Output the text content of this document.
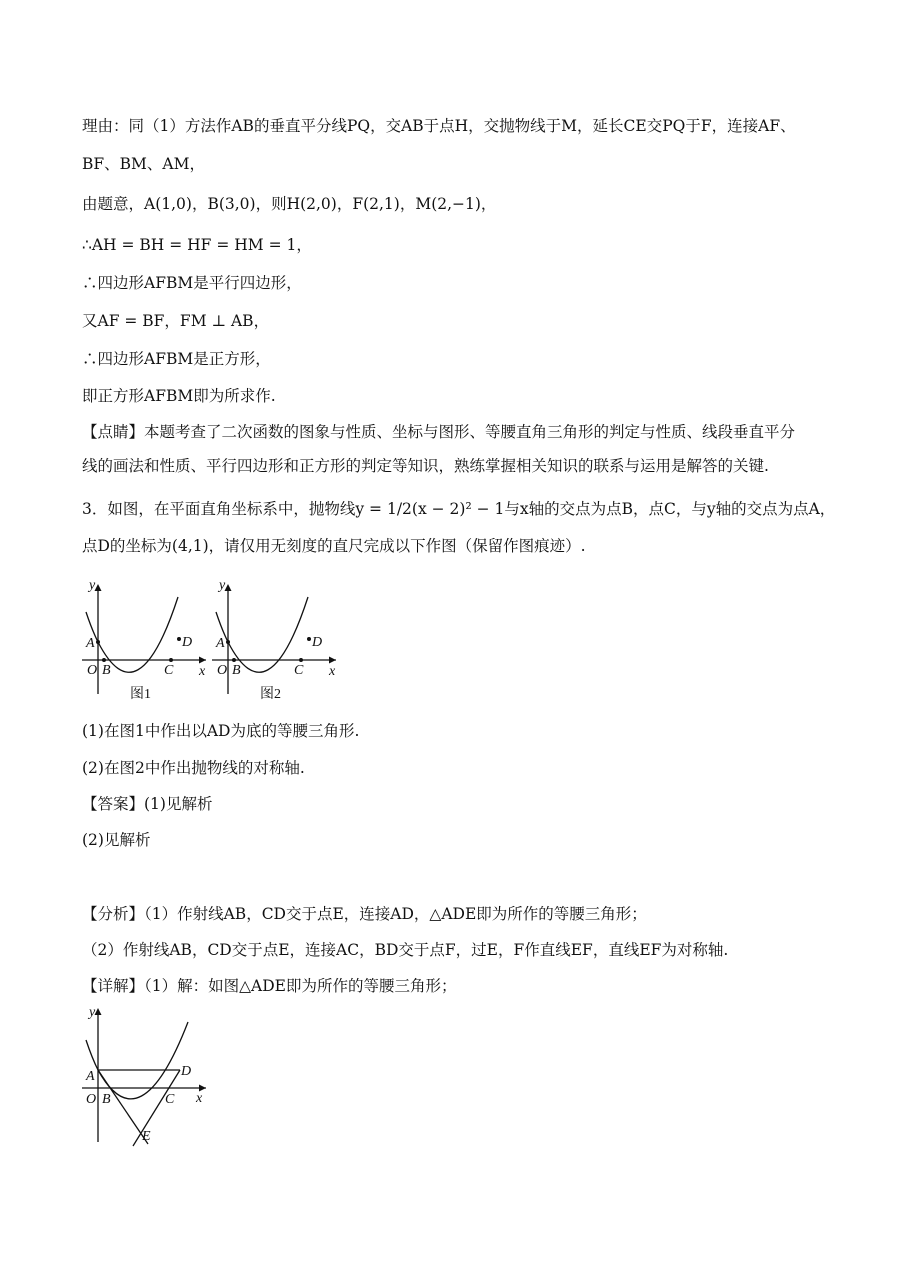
理由：同（1）方法作AB的垂直平分线PQ，交AB于点H，交抛物线于M，延长CE交PQ于F，连接AF、
BF、BM、AM，
由题意，A(1,0)，B(3,0)，则H(2,0)，F(2,1)，M(2,−1)，
∴AH = BH = HF = HM = 1，
∴四边形AFBM是平行四边形，
又AF = BF，FM ⊥ AB，
∴四边形AFBM是正方形，
即正方形AFBM即为所求作.
【点睛】本题考查了二次函数的图象与性质、坐标与图形、等腰直角三角形的判定与性质、线段垂直平分
线的画法和性质、平行四边形和正方形的判定等知识，熟练掌握相关知识的联系与运用是解答的关键.
3．如图，在平面直角坐标系中，抛物线y = 1/2(x − 2)² − 1与x轴的交点为点B，点C，与y轴的交点为点A，
点D的坐标为(4,1)，请仅用无刻度的直尺完成以下作图（保留作图痕迹）.
y
x
O
A
B	C
D
图1
y
x
O
A
B	C
D
图2
(1)在图1中作出以AD为底的等腰三角形.
(2)在图2中作出抛物线的对称轴.
【答案】(1)见解析
(2)见解析
【分析】（1）作射线AB，CD交于点E，连接AD，△ADE即为所作的等腰三角形；
（2）作射线AB，CD交于点E，连接AC，BD交于点F，过E，F作直线EF，直线EF为对称轴.
【详解】（1）解：如图△ADE即为所作的等腰三角形；
y
x
O
A
B	C
D
E
